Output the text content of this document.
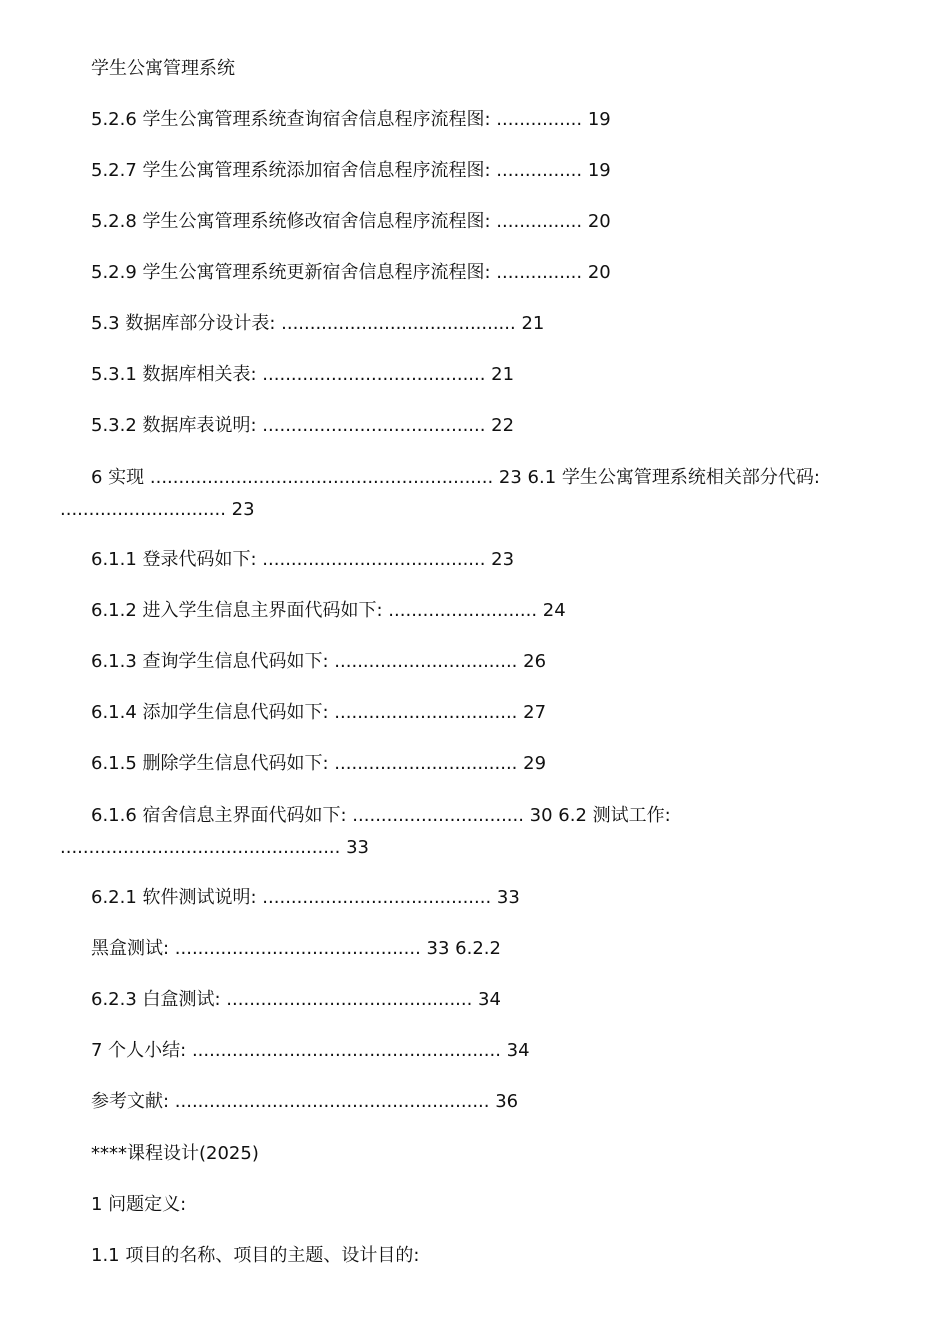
学生公寓管理系统
5.2.6 学生公寓管理系统查询宿舍信息程序流程图: ............... 19
5.2.7 学生公寓管理系统添加宿舍信息程序流程图: ............... 19
5.2.8 学生公寓管理系统修改宿舍信息程序流程图: ............... 20
5.2.9 学生公寓管理系统更新宿舍信息程序流程图: ............... 20
5.3 数据库部分设计表: ......................................... 21
5.3.1 数据库相关表: ....................................... 21
5.3.2 数据库表说明: ....................................... 22
6 实现 ............................................................ 23 6.1 学生公寓管理系统相关部分代码:
............................. 23
6.1.1 登录代码如下: ....................................... 23
6.1.2 进入学生信息主界面代码如下: .......................... 24
6.1.3 查询学生信息代码如下: ................................ 26
6.1.4 添加学生信息代码如下: ................................ 27
6.1.5 删除学生信息代码如下: ................................ 29
6.1.6 宿舍信息主界面代码如下: .............................. 30 6.2 测试工作:
................................................. 33
6.2.1 软件测试说明: ........................................ 33
黑盒测试: ........................................... 33 6.2.2
6.2.3 白盒测试: ........................................... 34
7 个人小结: ...................................................... 34
参考文献: ....................................................... 36
****课程设计(2025)
1 问题定义:
1.1 项目的名称、项目的主题、设计目的:
